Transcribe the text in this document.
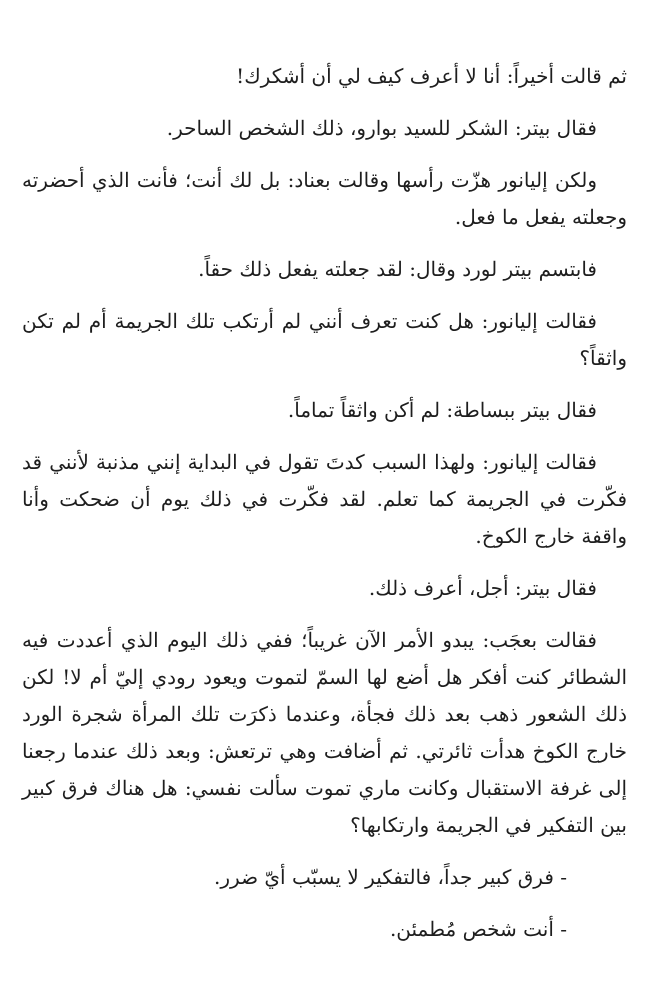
ثم قالت أخيراً: أنا لا أعرف كيف لي أن أشكرك!

فقال بيتر: الشكر للسيد بوارو، ذلك الشخص الساحر.

ولكن إليانور هزّت رأسها وقالت بعناد: بل لك أنت؛ فأنت الذي أحضرته وجعلته يفعل ما فعل.

فابتسم بيتر لورد وقال: لقد جعلته يفعل ذلك حقاً.

فقالت إليانور: هل كنت تعرف أنني لم أرتكب تلك الجريمة أم لم تكن واثقاً؟

فقال بيتر ببساطة: لم أكن واثقاً تماماً.

فقالت إليانور: ولهذا السبب كدتَ تقول في البداية إنني مذنبة لأنني قد فكّرت في الجريمة كما تعلم. لقد فكّرت في ذلك يوم أن ضحكت وأنا واقفة خارج الكوخ.

فقال بيتر: أجل، أعرف ذلك.

فقالت بعجَب: يبدو الأمر الآن غريباً؛ ففي ذلك اليوم الذي أعددت فيه الشطائر كنت أفكر هل أضع لها السمّ لتموت ويعود رودي إليّ أم لا! لكن ذلك الشعور ذهب بعد ذلك فجأة، وعندما ذكرَت تلك المرأة شجرة الورد خارج الكوخ هدأت ثائرتي. ثم أضافت وهي ترتعش: وبعد ذلك عندما رجعنا إلى غرفة الاستقبال وكانت ماري تموت سألت نفسي: هل هناك فرق كبير بين التفكير في الجريمة وارتكابها؟

- فرق كبير جداً، فالتفكير لا يسبّب أيّ ضرر.

- أنت شخص مُطمئن.
